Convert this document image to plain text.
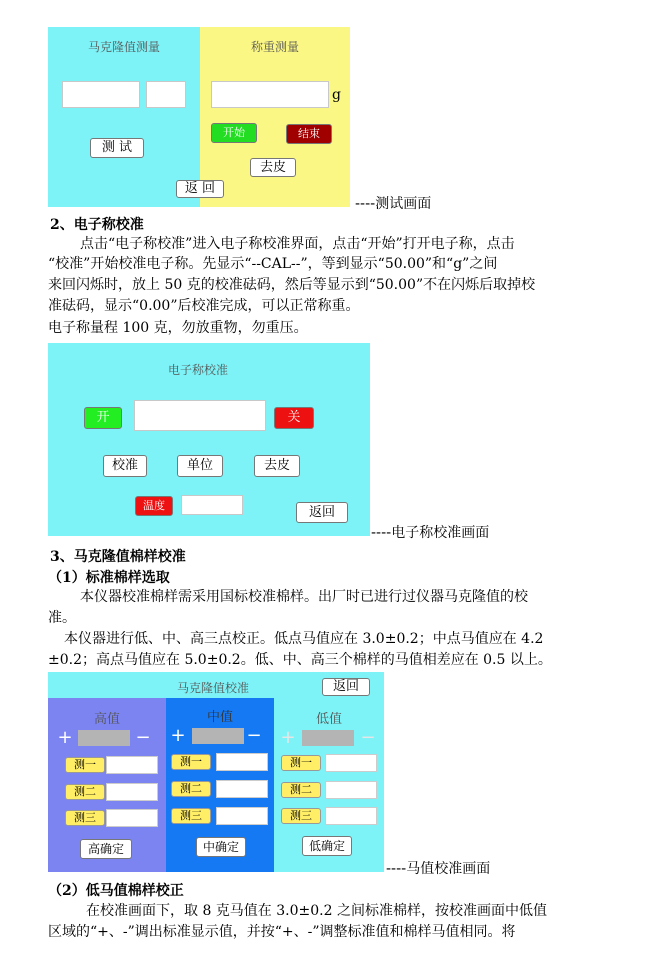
马克隆值测量	称重测量
g
开始	结束
测 试
去皮
返 回
----测试画面
2、电子称校准
点击“电子称校准”进入电子称校准界面，点击“开始”打开电子称，点击
“校准”开始校准电子称。先显示“--CAL--”，等到显示“50.00”和“g”之间
来回闪烁时，放上 50 克的校准砝码，然后等显示到“50.00”不在闪烁后取掉校
准砝码，显示“0.00”后校准完成，可以正常称重。
电子称量程 100 克，勿放重物，勿重压。
电子称校准
开	关
校准	单位	去皮
温度	返回
----电子称校准画面
3、马克隆值棉样校准
（1）标准棉样选取
本仪器校准棉样需采用国标校准棉样。出厂时已进行过仪器马克隆值的校
准。
本仪器进行低、中、高三点校正。低点马值应在 3.0±0.2；中点马值应在 4.2
±0.2；高点马值应在 5.0±0.2。低、中、高三个棉样的马值相差应在 0.5 以上。
马克隆值校准	返回
高值
+	−
测一
测二
测三
高确定
中值
+	−
测一
测二
测三
中确定
低值
+	−
测一
测二
测三
低确定
----马值校准画面
（2）低马值棉样校正
在校准画面下，取 8 克马值在 3.0±0.2 之间标准棉样，按校准画面中低值
区域的“+、-”调出标准显示值，并按“+、-”调整标准值和棉样马值相同。将
